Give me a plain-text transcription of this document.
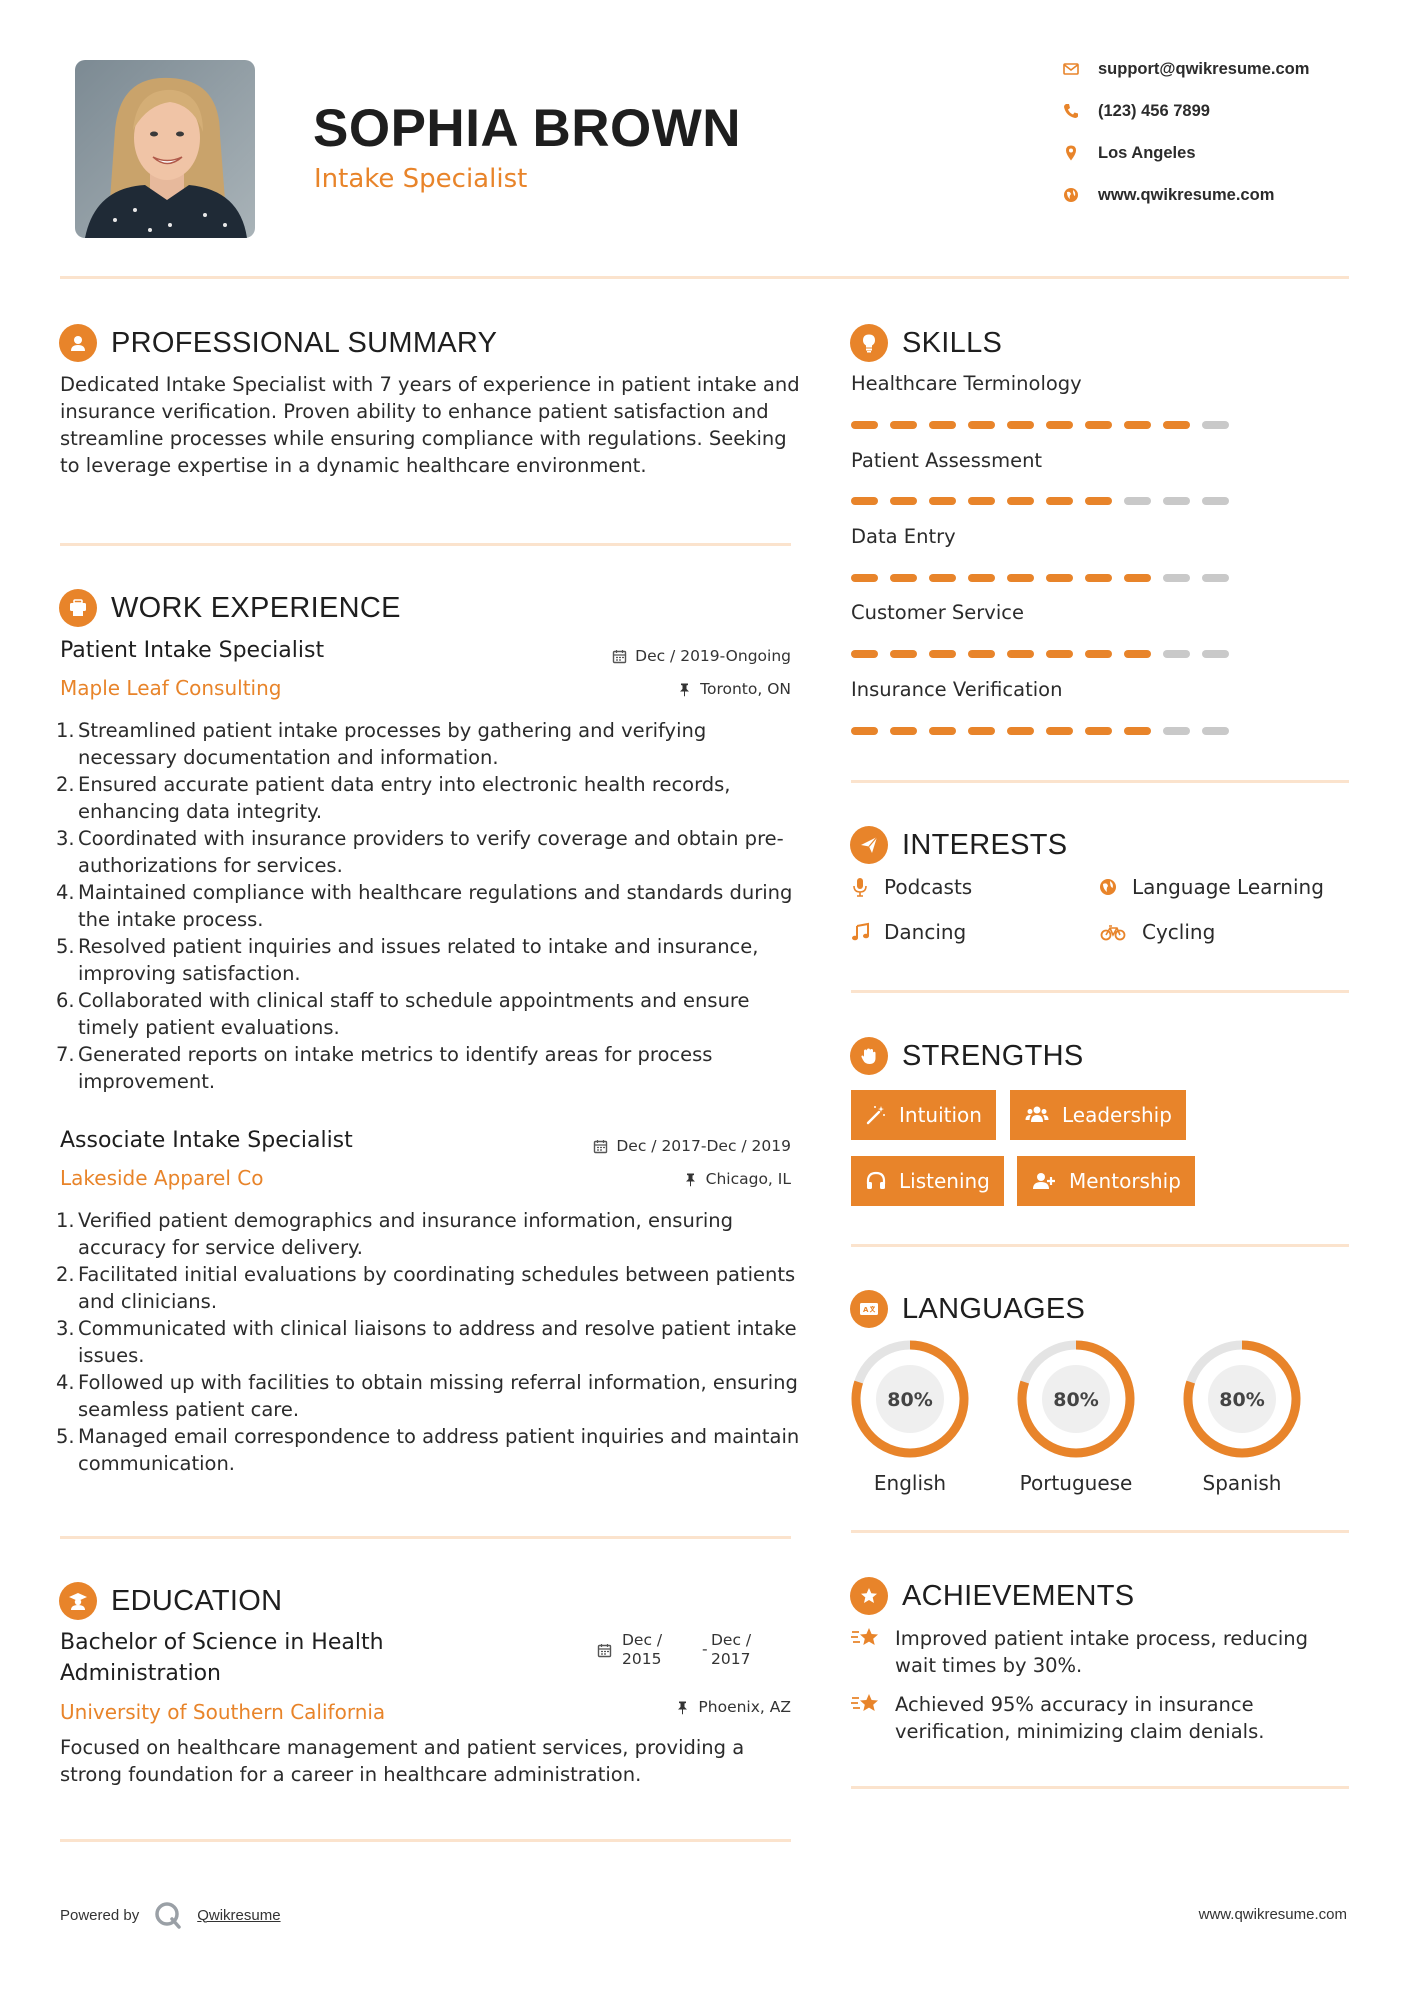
SOPHIA BROWN
Intake Specialist
support@qwikresume.com
(123) 456 7899
Los Angeles
www.qwikresume.com
PROFESSIONAL SUMMARY
Dedicated Intake Specialist with 7 years of experience in patient intake and insurance verification. Proven ability to enhance patient satisfaction and streamline processes while ensuring compliance with regulations. Seeking to leverage expertise in a dynamic healthcare environment.
WORK EXPERIENCE
Patient Intake Specialist	Dec / 2019-Ongoing
Maple Leaf Consulting	Toronto, ON
1. Streamlined patient intake processes by gathering and verifying necessary documentation and information.
2. Ensured accurate patient data entry into electronic health records, enhancing data integrity.
3. Coordinated with insurance providers to verify coverage and obtain pre-authorizations for services.
4. Maintained compliance with healthcare regulations and standards during the intake process.
5. Resolved patient inquiries and issues related to intake and insurance, improving satisfaction.
6. Collaborated with clinical staff to schedule appointments and ensure timely patient evaluations.
7. Generated reports on intake metrics to identify areas for process improvement.
Associate Intake Specialist	Dec / 2017-Dec / 2019
Lakeside Apparel Co	Chicago, IL
1. Verified patient demographics and insurance information, ensuring accuracy for service delivery.
2. Facilitated initial evaluations by coordinating schedules between patients and clinicians.
3. Communicated with clinical liaisons to address and resolve patient intake issues.
4. Followed up with facilities to obtain missing referral information, ensuring seamless patient care.
5. Managed email correspondence to address patient inquiries and maintain communication.
EDUCATION
Bachelor of Science in Health
Administration
Dec /
2015
- Dec /
2017
University of Southern California	Phoenix, AZ
Focused on healthcare management and patient services, providing a strong foundation for a career in healthcare administration.
SKILLS
Healthcare Terminology
Patient Assessment
Data Entry
Customer Service
Insurance Verification
INTERESTS
Podcasts	Language Learning
Dancing	Cycling
STRENGTHS
Intuition	Leadership
Listening	Mentorship
A LANGUAGES
80%
English
80%
Portuguese
80%
Spanish
ACHIEVEMENTS
Improved patient intake process, reducing wait times by 30%.
Achieved 95% accuracy in insurance verification, minimizing claim denials.
Powered by	Qwikresume	www.qwikresume.com
